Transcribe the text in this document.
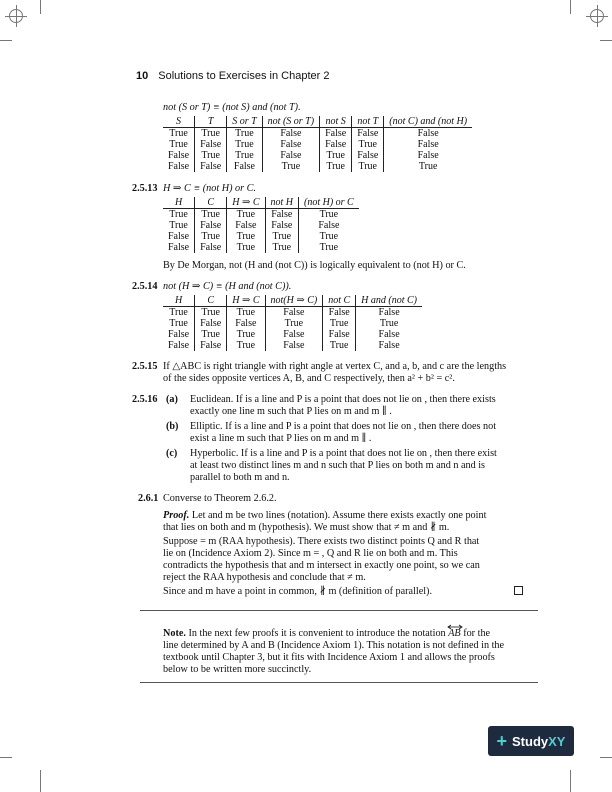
10 Solutions to Exercises in Chapter 2
not (S or T) ≡ (not S) and (not T).
S	T	S or T	not (S or T)	not S	not T	(not C) and (not H)
True	True	True	False	False	False	False
True	False	True	False	False	True	False
False	True	True	False	True	False	False
False	False	False	True	True	True	True
2.5.13 H ⇒ C ≡ (not H) or C.
H	C	H ⇒ C	not H	(not H) or C
True	True	True	False	True
True	False	False	False	False
False	True	True	True	True
False	False	True	True	True
By De Morgan, not (H and (not C)) is logically equivalent to (not H) or C.
2.5.14 not (H ⇒ C) ≡ (H and (not C)).
H	C	H ⇒ C	not(H ⇒ C)	not C	H and (not C)
True	True	True	False	False	False
True	False	False	True	True	True
False	True	True	False	False	False
False	False	True	False	True	False
2.5.15 If △ABC is right triangle with right angle at vertex C, and a, b, and c are the lengths
of the sides opposite vertices A, B, and C respectively, then a² + b² = c².
2.5.16 (a) Euclidean. If is a line and P is a point that does not lie on , then there exists
exactly one line m such that P lies on m and m ∥ .
(b) Elliptic. If is a line and P is a point that does not lie on , then there does not
exist a line m such that P lies on m and m ∥ .
(c) Hyperbolic. If is a line and P is a point that does not lie on , then there exist
at least two distinct lines m and n such that P lies on both m and n and is
parallel to both m and n.
2.6.1 Converse to Theorem 2.6.2.
Proof. Let and m be two lines (notation). Assume there exists exactly one point
that lies on both and m (hypothesis). We must show that ≠ m and ∦ m.
Suppose = m (RAA hypothesis). There exists two distinct points Q and R that
lie on (Incidence Axiom 2). Since m = , Q and R lie on both and m. This
contradicts the hypothesis that and m intersect in exactly one point, so we can
reject the RAA hypothesis and conclude that ≠ m.
Since and m have a point in common, ∦ m (definition of parallel).
Note. In the next few proofs it is convenient to introduce the notation AB for the
line determined by A and B (Incidence Axiom 1). This notation is not defined in the
textbook until Chapter 3, but it fits with Incidence Axiom 1 and allows the proofs
below to be written more succinctly.
+ Study XY
